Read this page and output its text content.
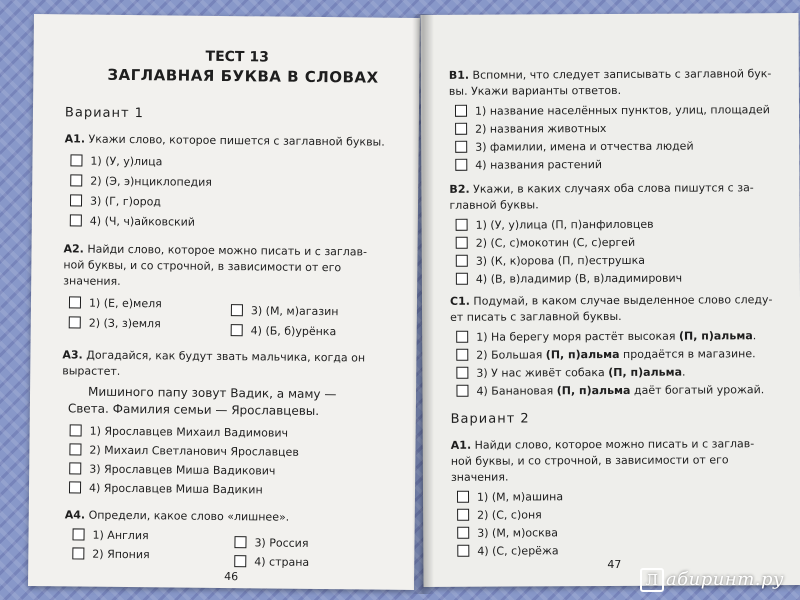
ТЕСТ 13
ЗАГЛАВНАЯ БУКВА В СЛОВАХ
Вариант 1
А1. Укажи слово, которое пишется с заглавной буквы.
1) (У, у)лица
2) (Э, э)нциклопедия
3) (Г, г)ород
4) (Ч, ч)айковский
А2. Найди слово, которое можно писать и с заглав-
ной буквы, и со строчной, в зависимости от его
значения.
1) (Е, е)меля
2) (З, з)емля
3) (М, м)агазин
4) (Б, б)урёнка
А3. Догадайся, как будут звать мальчика, когда он
вырастет.
Мишиного папу зовут Вадик, а маму —
Света. Фамилия семьи — Ярославцевы.
1) Ярославцев Михаил Вадимович
2) Михаил Светланович Ярославцев
3) Ярославцев Миша Вадикович
4) Ярославцев Миша Вадикин
А4. Определи, какое слово «лишнее».
1) Англия
2) Япония
3) Россия
4) страна
46
В1. Вспомни, что следует записывать с заглавной бук-
вы. Укажи варианты ответов.
1) название населённых пунктов, улиц, площадей
2) названия животных
3) фамилии, имена и отчества людей
4) названия растений
В2. Укажи, в каких случаях оба слова пишутся с за-
главной буквы.
1) (У, у)лица (П, п)анфиловцев
2) (С, с)мокотин (С, с)ергей
3) (К, к)орова (П, п)еструшка
4) (В, в)ладимир (В, в)ладимирович
С1. Подумай, в каком случае выделенное слово следу-
ет писать с заглавной буквы.
1) На берегу моря растёт высокая (П, п)альма.
2) Большая (П, п)альма продаётся в магазине.
3) У нас живёт собака (П, п)альма.
4) Банановая (П, п)альма даёт богатый урожай.
Вариант 2
А1. Найди слово, которое можно писать и с заглав-
ной буквы, и со строчной, в зависимости от его
значения.
1) (М, м)ашина
2) (С, с)оня
3) (М, м)осква
4) (С, с)ерёжа
47
Л абиринт.ру
